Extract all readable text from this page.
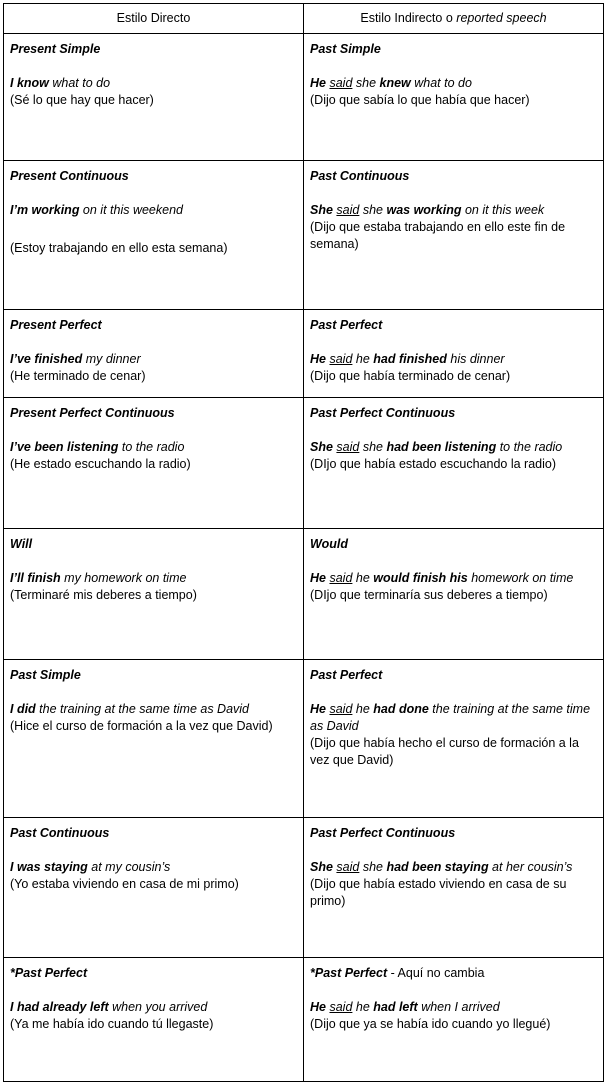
Estilo Directo	Estilo Indirecto o reported speech

Present Simple
I know what to do
(Sé lo que hay que hacer)	Past Simple
He said she knew what to do
(Dijo que sabía lo que había que hacer)

Present Continuous
I’m working on it this weekend
(Estoy trabajando en ello esta semana)	Past Continuous
She said she was working on it this week
(Dijo que estaba trabajando en ello este fin de semana)

Present Perfect
I’ve finished my dinner
(He terminado de cenar)	Past Perfect
He said he had finished his dinner
(Dijo que había terminado de cenar)

Present Perfect Continuous
I’ve been listening to the radio
(He estado escuchando la radio)	Past Perfect Continuous
She said she had been listening to the radio
(DIjo que había estado escuchando la radio)

Will
I’ll finish my homework on time
(Terminaré mis deberes a tiempo)	Would
He said he would finish his homework on time
(DIjo que terminaría sus deberes a tiempo)

Past Simple
I did the training at the same time as David
(Hice el curso de formación a la vez que David)	Past Perfect
He said he had done the training at the same time as David
(Dijo que había hecho el curso de formación a la vez que David)

Past Continuous
I was staying at my cousin’s
(Yo estaba viviendo en casa de mi primo)	Past Perfect Continuous
She said she had been staying at her cousin’s
(Dijo que había estado viviendo en casa de su primo)

*Past Perfect
I had already left when you arrived
(Ya me había ido cuando tú llegaste)	*Past Perfect - Aquí no cambia
He said he had left when I arrived
(Dijo que ya se había ido cuando yo llegué)
